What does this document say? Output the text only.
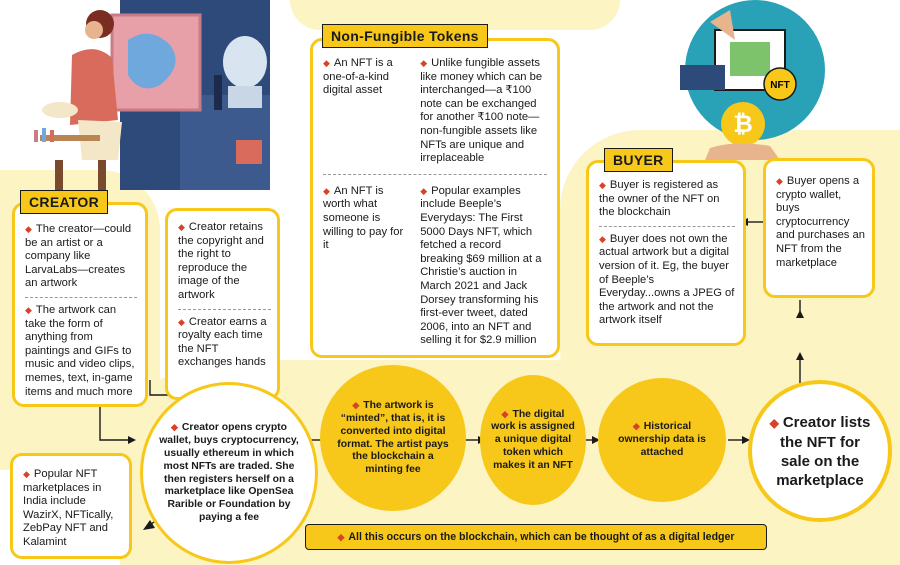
NFT
₿
◆ An NFT is a one-of-a-kind digital asset
◆ Unlike fungible assets like money which can be interchanged—a ₹100 note can be exchanged for another ₹100 note—non-fungible assets like NFTs are unique and irreplaceable
◆ An NFT is worth what someone is willing to pay for it
◆ Popular examples include Beeple’s Everydays: The First 5000 Days NFT, which fetched a record breaking $69 million at a Christie’s auction in March 2021 and Jack Dorsey transforming his first-ever tweet, dated 2006, into an NFT and selling it for $2.9 million
Non-Fungible Tokens
◆ The creator—could be an artist or a company like LarvaLabs—creates an artwork
◆ The artwork can take the form of anything from paintings and GIFs to music and video clips, memes, text, in-game items and much more
CREATOR
◆ Creator retains the copyright and the right to reproduce the image of the artwork
◆ Creator earns a royalty each time the NFT exchanges hands
◆ Buyer is registered as the owner of the NFT on the blockchain
◆ Buyer does not own the actual artwork but a digital version of it. Eg, the buyer of Beeple’s Everyday...owns a JPEG of the artwork and not the artwork itself
BUYER
◆ Buyer opens a crypto wallet, buys cryptocurrency and purchases an NFT from the marketplace
◆ Popular NFT marketplaces in India include WazirX, NFTically, ZebPay NFT and Kalamint
◆ Creator opens crypto wallet, buys cryptocurrency, usually ethereum in which most NFTs are traded. She then registers herself on a marketplace like OpenSea Rarible or Foundation by paying a fee
◆ The artwork is “minted”, that is, it is converted into digital format. The artist pays the blockchain a minting fee
◆ The digital work is assigned a unique digital token which makes it an NFT
◆ Historical ownership data is attached
◆ Creator lists the NFT for sale on the marketplace
◆ All this occurs on the blockchain, which can be thought of as a digital ledger
